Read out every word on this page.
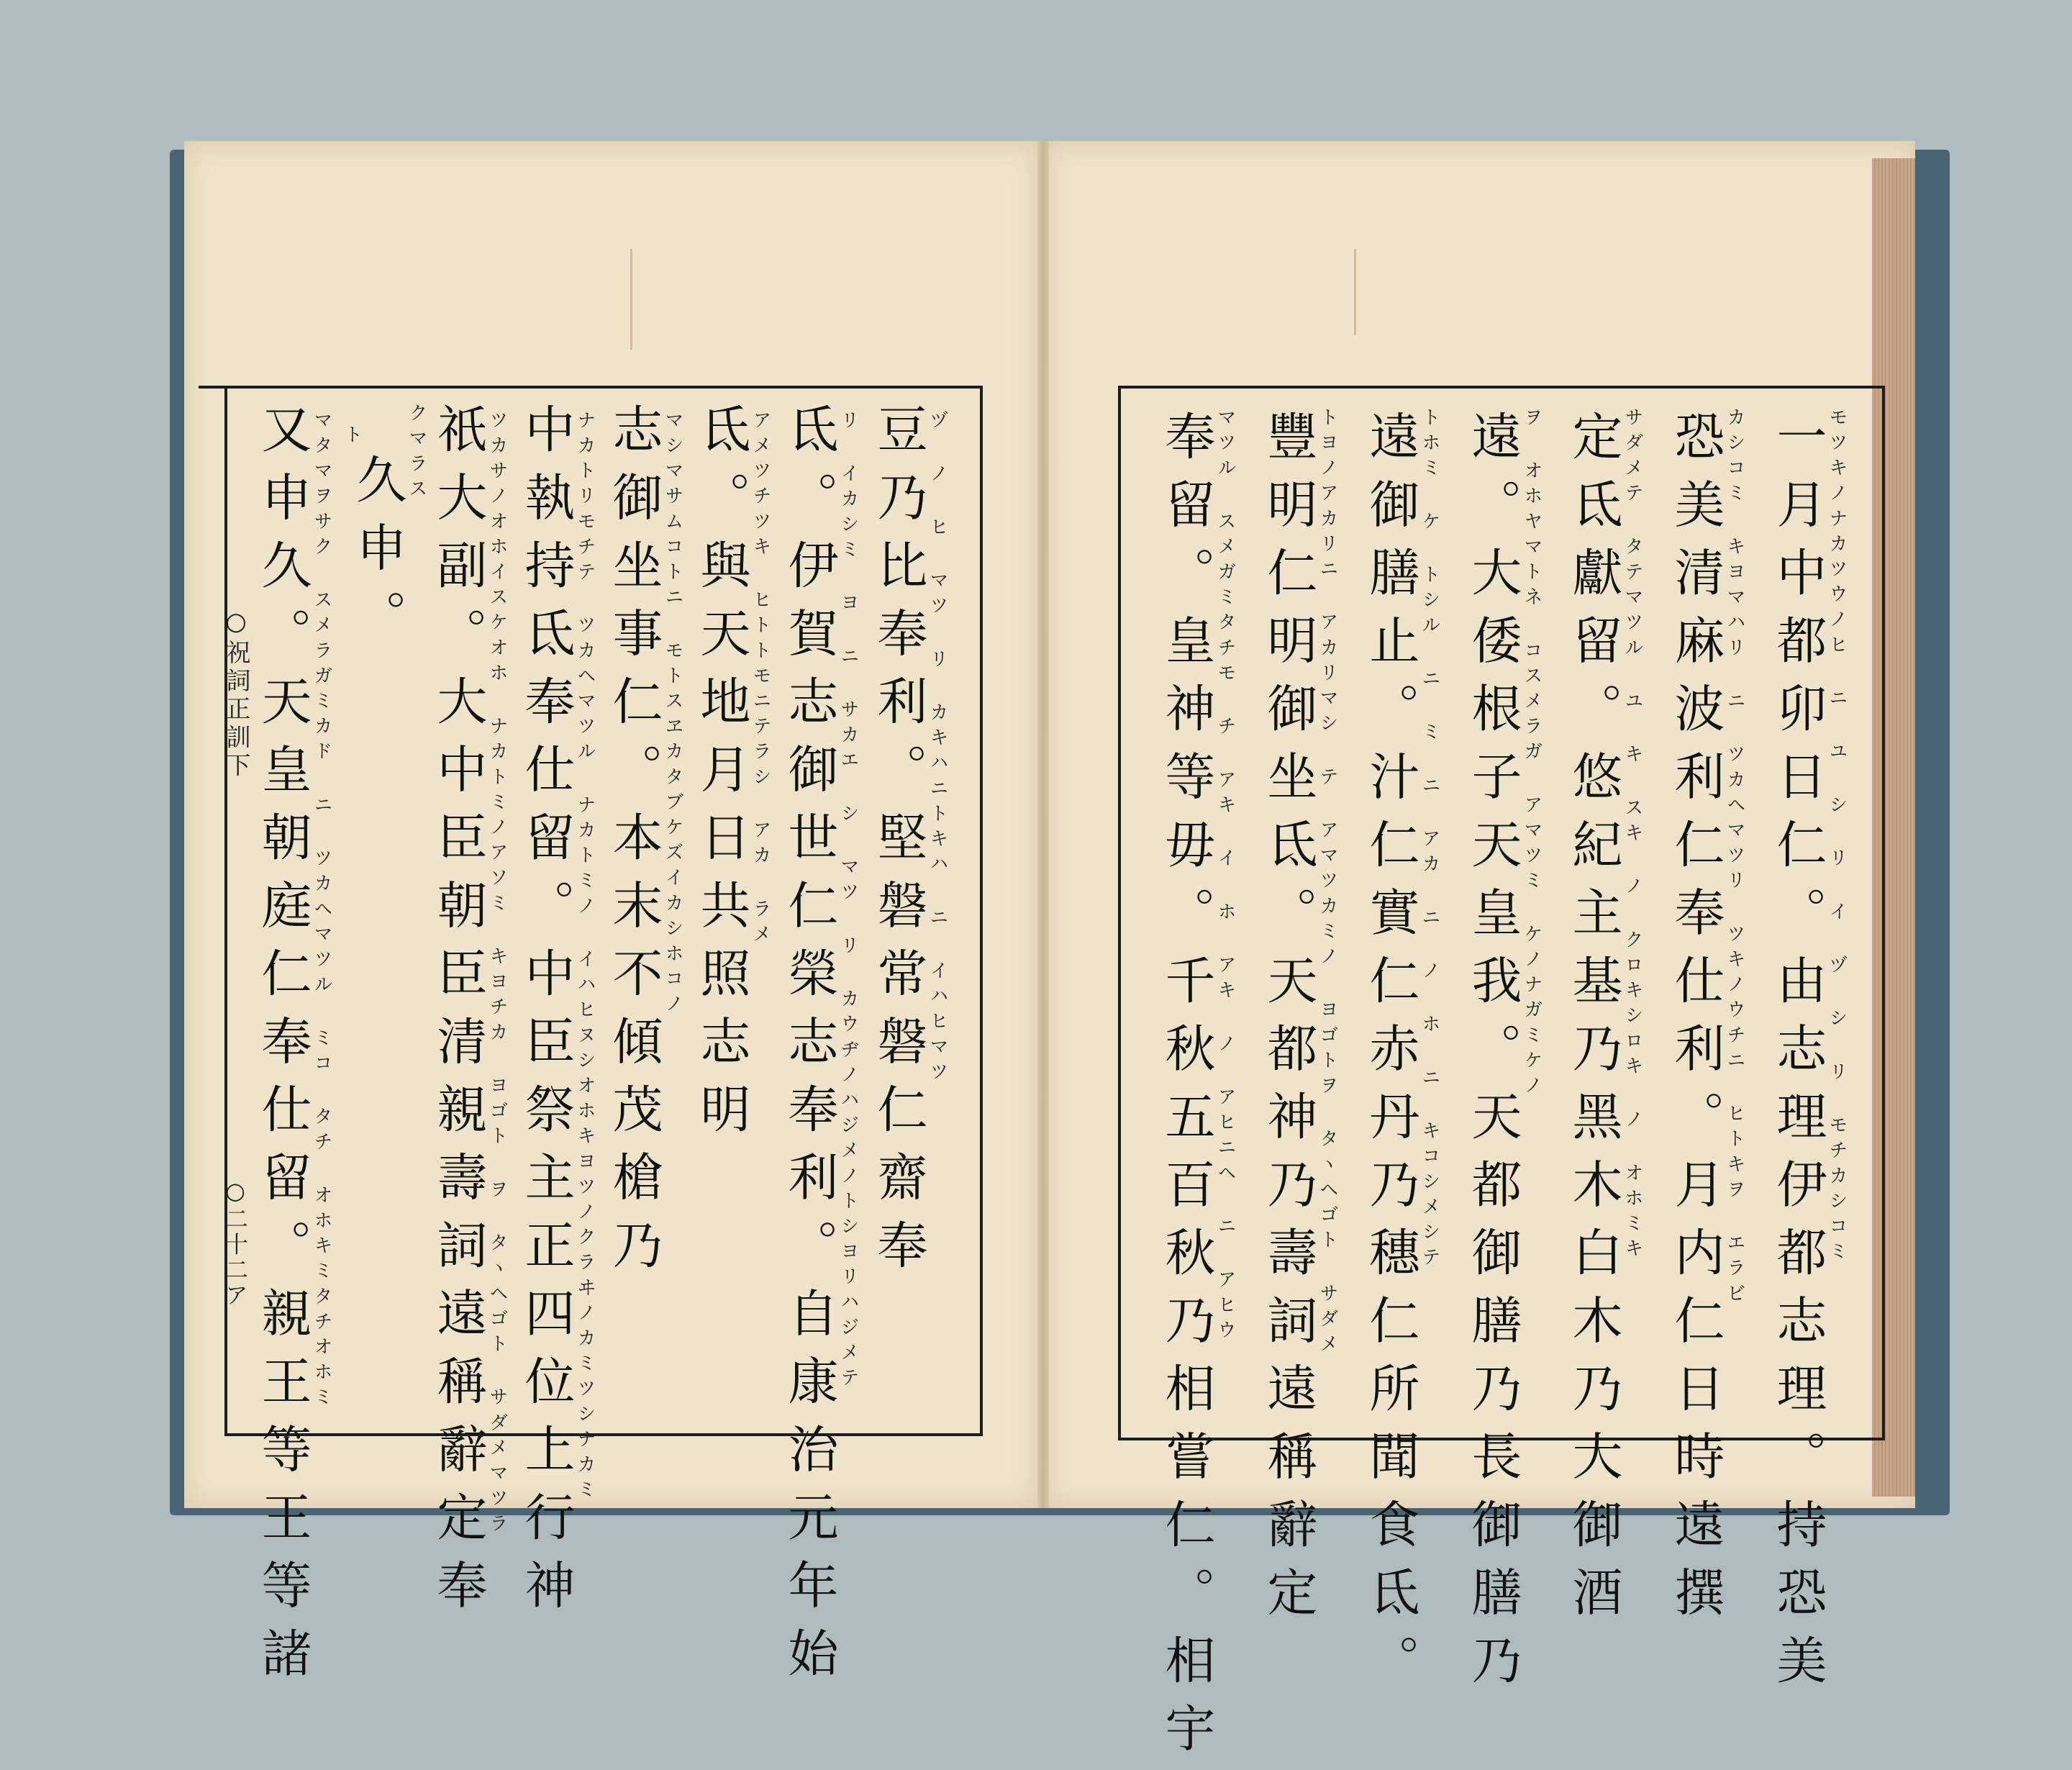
○祝詞正訓下
○二十二ア	豆乃比奉利。堅磐常磐仁齋奉
ヅ ノ ヒ マツ リ カキハニトキハ ニ イハヒマツ
氐。伊賀志御世仁榮志奉利。自康治元年始
リ イカシミ ヨ ニ サカエ シ マツ リ カウヂノハジメノトシヨリハジメテ
氐。與天地月日共照志明
アメツチツキ ヒトトモニテラシ アカ ラメ
志御坐事仁。本末不傾茂槍乃
マシマサムコトニ モトスヱカタブケズイカシホコノ
中執持氐奉仕留。中臣祭主正四位上行神
ナカトリモチテ ツカヘマツル ナカトミノ イハヒヌシオホキヨツノクラヰノカミツシナカミ
祇大副。大中臣朝臣清親壽詞遠稱辭定奉
ツカサノオホイスケオホ ナカトミノアソミ キヨチカ ヨゴト ヲ タヽヘゴト サダメマツラ
久申。
クマラス
ト
又申久。天皇朝庭仁奉仕留。親王等王等諸
マタマヲサク スメラガミカド ニ ツカヘマツル ミコ タチ オホキミタチオホミ	一月中都卯日仁。由志理伊都志理。持恐美
モツキノナカツウノヒ ニ ユ シ リ イ ヅ シ リ モチカシコミ
恐美清麻波利仁奉仕利。月内仁日時遠撰
カシコミ キヨマハリ ニ ツカヘマツリ ツキノウチニ ヒトキヲ エラビ
定氐獻留。悠紀主基乃黑木白木乃大御酒
サダメテ タテマツル ユ キ スキ ノ クロキシロキ ノ オホミキ
遠。大倭根子天皇我。天都御膳乃長御膳乃
ヲ オホヤマトネ コスメラガ アマツミ ケノナガミケノ
遠御膳止。汁仁實仁赤丹乃穗仁所聞食氐。
トホミ ケ トシル ニ ミ ニ アカ ニ ノ ホ ニ キコシメシテ
豐明仁明御坐氐。天都神乃壽詞遠稱辭定
トヨノアカリニ アカリマシ テ アマツカミノ ヨゴトヲ タヽヘゴト サダメ
奉留。皇神等毋。千秋五百秋乃相嘗仁。相宇
マツル スメガミタチモ チ アキ イ ホ アキ ノ アヒニヘ ニ アヒウ
